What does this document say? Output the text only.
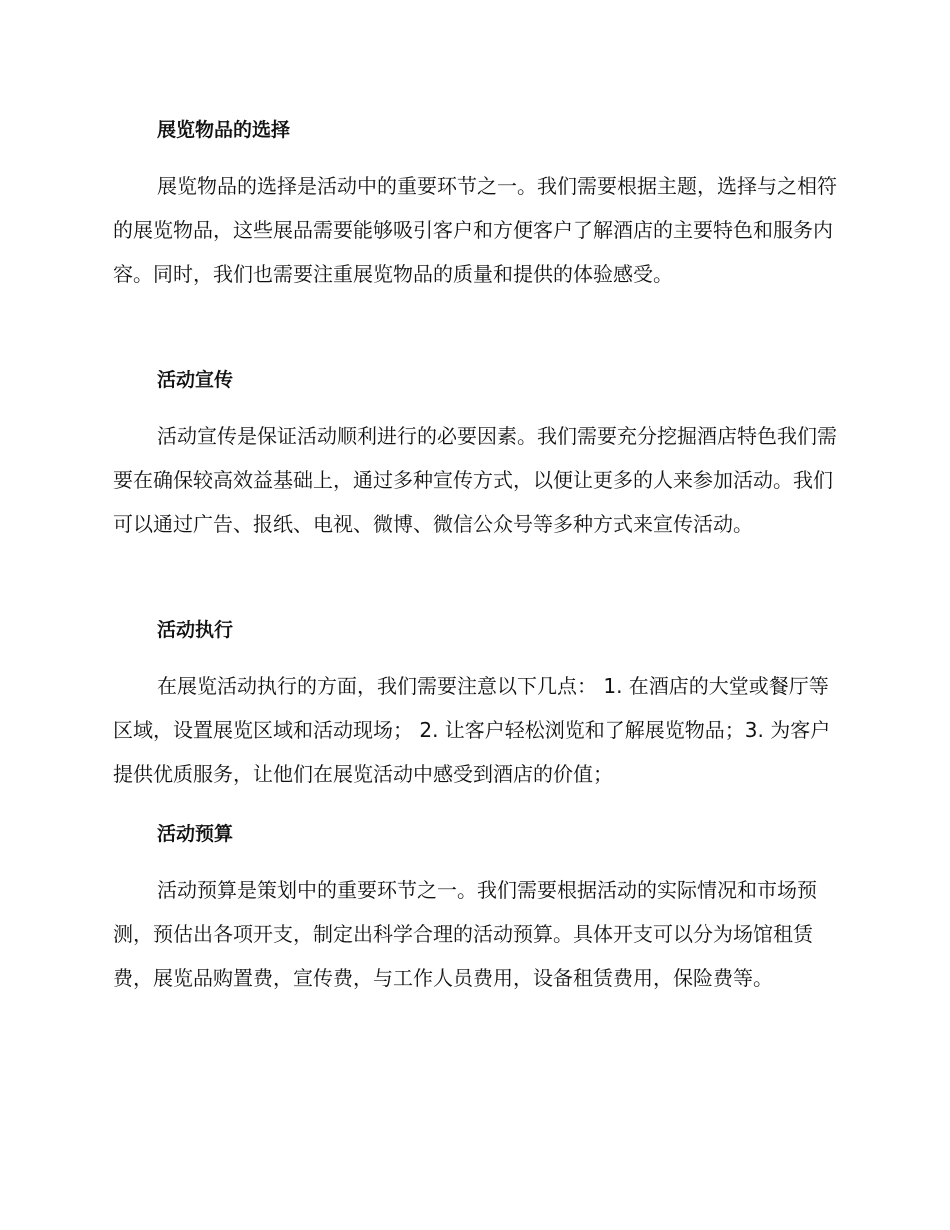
展览物品的选择

展览物品的选择是活动中的重要环节之一。我们需要根据主题，选择与之相符的展览物品，这些展品需要能够吸引客户和方便客户了解酒店的主要特色和服务内容。同时，我们也需要注重展览物品的质量和提供的体验感受。

活动宣传

活动宣传是保证活动顺利进行的必要因素。我们需要充分挖掘酒店特色我们需要在确保较高效益基础上，通过多种宣传方式，以便让更多的人来参加活动。我们可以通过广告、报纸、电视、微博、微信公众号等多种方式来宣传活动。

活动执行

在展览活动执行的方面，我们需要注意以下几点： 1. 在酒店的大堂或餐厅等区域，设置展览区域和活动现场； 2. 让客户轻松浏览和了解展览物品；3. 为客户提供优质服务，让他们在展览活动中感受到酒店的价值；

活动预算

活动预算是策划中的重要环节之一。我们需要根据活动的实际情况和市场预测，预估出各项开支，制定出科学合理的活动预算。具体开支可以分为场馆租赁费，展览品购置费，宣传费，与工作人员费用，设备租赁费用，保险费等。
